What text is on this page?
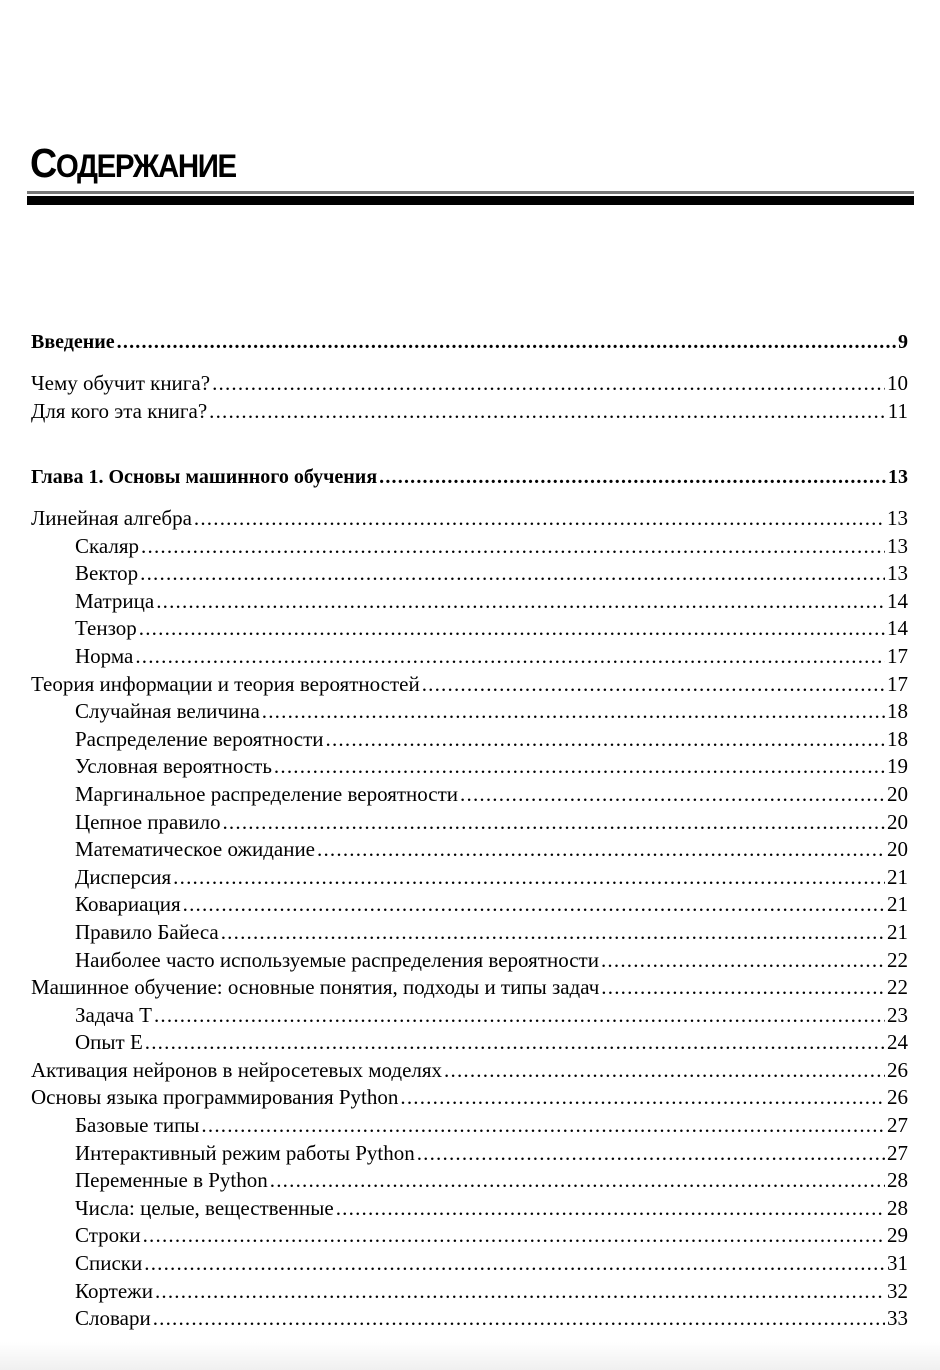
СОДЕРЖАНИЕ
Введение .....	9
Чему обучит книга? .....	10
Для кого эта книга? .....	11
Глава 1. Основы машинного обучения .....	13
Линейная алгебра .....	13
Скаляр .....	13
Вектор .....	13
Матрица .....	14
Тензор .....	14
Норма .....	17
Теория информации и теория вероятностей .....	17
Случайная величина .....	18
Распределение вероятности .....	18
Условная вероятность .....	19
Маргинальное распределение вероятности .....	20
Цепное правило .....	20
Математическое ожидание .....	20
Дисперсия .....	21
Ковариация .....	21
Правило Байеса .....	21
Наиболее часто используемые распределения вероятности .....	22
Машинное обучение: основные понятия, подходы и типы задач .....	22
Задача Т .....	23
Опыт Е .....	24
Активация нейронов в нейросетевых моделях .....	26
Основы языка программирования Python .....	26
Базовые типы .....	27
Интерактивный режим работы Python .....	27
Переменные в Python .....	28
Числа: целые, вещественные .....	28
Строки .....	29
Списки .....	31
Кортежи .....	32
Словари .....	33
